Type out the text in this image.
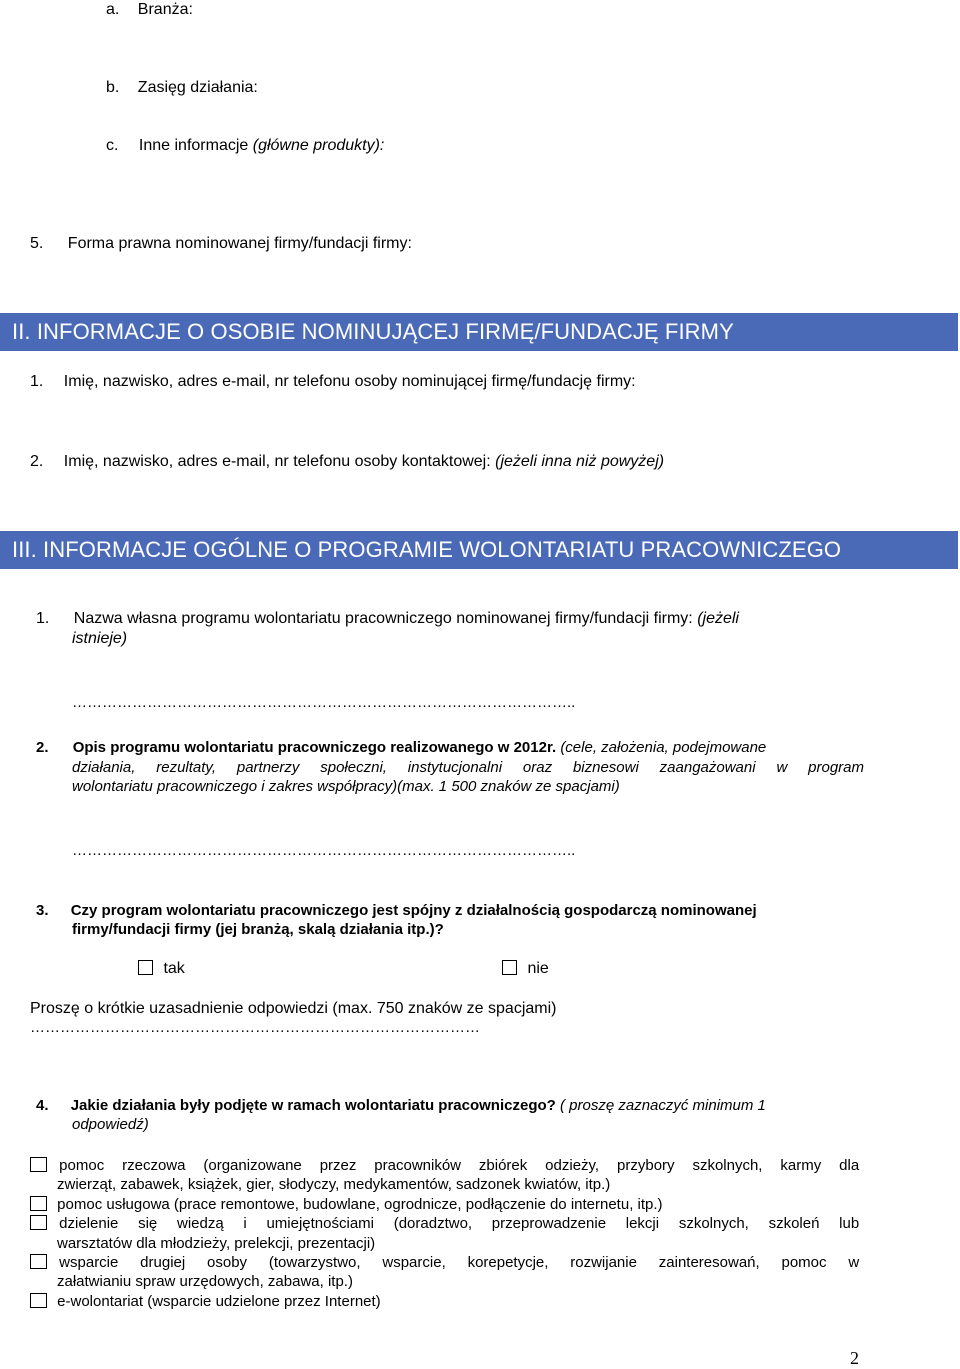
a. Branża:
b. Zasięg działania:
c. Inne informacje (główne produkty):
5. Forma prawna nominowanej firmy/fundacji firmy:
II. INFORMACJE O OSOBIE NOMINUJĄCEJ FIRMĘ/FUNDACJĘ FIRMY
1. Imię, nazwisko, adres e-mail, nr telefonu osoby nominującej firmę/fundację firmy:
2. Imię, nazwisko, adres e-mail, nr telefonu osoby kontaktowej: (jeżeli inna niż powyżej)
III. INFORMACJE OGÓLNE O PROGRAMIE WOLONTARIATU PRACOWNICZEGO
1. Nazwa własna programu wolontariatu pracowniczego nominowanej firmy/fundacji firmy: (jeżeli
istnieje)
………………………………………………………………………………………..
2. Opis programu wolontariatu pracowniczego realizowanego w 2012r. (cele, założenia, podejmowane
działania, rezultaty, partnerzy społeczni, instytucjonalni oraz biznesowi zaangażowani w program
wolontariatu pracowniczego i zakres współpracy)(max. 1 500 znaków ze spacjami)
………………………………………………………………………………………..
3. Czy program wolontariatu pracowniczego jest spójny z działalnością gospodarczą nominowanej
firmy/fundacji firmy (jej branżą, skalą działania itp.)?
tak	nie
Proszę o krótkie uzasadnienie odpowiedzi (max. 750 znaków ze spacjami)
………………………………………………………………………………
4. Jakie działania były podjęte w ramach wolontariatu pracowniczego? ( proszę zaznaczyć minimum 1
odpowiedź)
pomoc rzeczowa (organizowane przez pracowników zbiórek odzieży, przybory szkolnych, karmy dla
zwierząt, zabawek, książek, gier, słodyczy, medykamentów, sadzonek kwiatów, itp.)
pomoc usługowa (prace remontowe, budowlane, ogrodnicze, podłączenie do internetu, itp.)
dzielenie się wiedzą i umiejętnościami (doradztwo, przeprowadzenie lekcji szkolnych, szkoleń lub
warsztatów dla młodzieży, prelekcji, prezentacji)
wsparcie drugiej osoby (towarzystwo, wsparcie, korepetycje, rozwijanie zainteresowań, pomoc w
załatwianiu spraw urzędowych, zabawa, itp.)
e-wolontariat (wsparcie udzielone przez Internet)
2
